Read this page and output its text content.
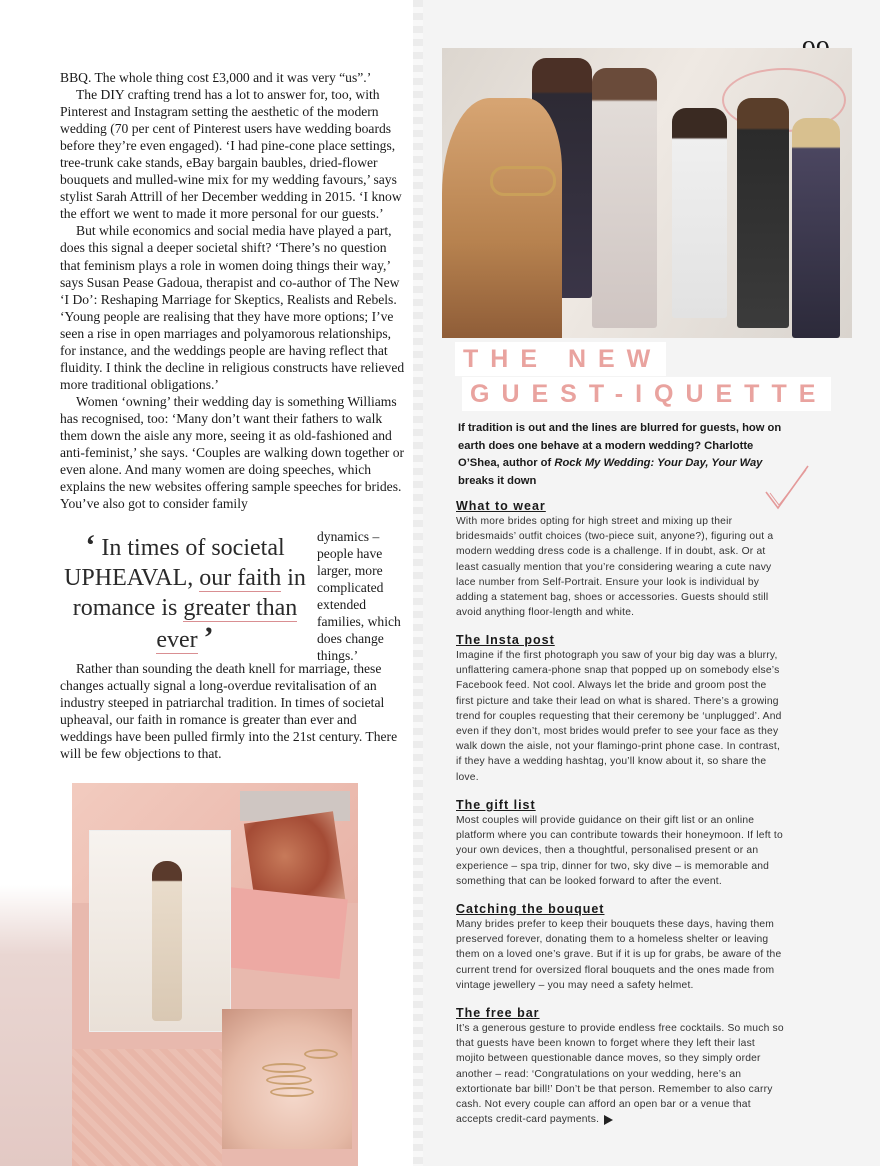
BBQ. The whole thing cost £3,000 and it was very “us”.’

The DIY crafting trend has a lot to answer for, too, with Pinterest and Instagram setting the aesthetic of the modern wedding (70 per cent of Pinterest users have wedding boards before they’re even engaged). ‘I had pine-cone place settings, tree-trunk cake stands, eBay bargain baubles, dried-flower bouquets and mulled-wine mix for my wedding favours,’ says stylist Sarah Attrill of her December wedding in 2015. ‘I know the effort we went to made it more personal for our guests.’

But while economics and social media have played a part, does this signal a deeper societal shift? ‘There’s no question that feminism plays a role in women doing things their way,’ says Susan Pease Gadoua, therapist and co-author of The New ‘I Do’: Reshaping Marriage for Skeptics, Realists and Rebels. ‘Young people are realising that they have more options; I’ve seen a rise in open marriages and polyamorous relationships, for instance, and the weddings people are having reflect that fluidity. I think the decline in religious constructs have relieved more traditional obligations.’

Women ‘owning’ their wedding day is something Williams has recognised, too: ‘Many don’t want their fathers to walk them down the aisle any more, seeing it as old-fashioned and anti-feminist,’ she says. ‘Couples are walking down together or even alone. And many women are doing speeches, which explains the new websites offering sample speeches for brides. You’ve also got to consider family

‘ In times of societal UPHEAVAL, our faith in romance is greater than ever ’
dynamics – people have larger, more complicated extended families, which does change things.’

Rather than sounding the death knell for marriage, these changes actually signal a long-overdue revitalisation of an industry steeped in patriarchal tradition. In times of societal upheaval, our faith in romance is greater than ever and weddings have been pulled firmly into the 21st century. There will be few objections to that.

THE NEW
GUEST-IQUETTE
If tradition is out and the lines are blurred for guests, how on earth does one behave at a modern wedding? Charlotte O’Shea, author of Rock My Wedding: Your Day, Your Way breaks it down
What to wear

With more brides opting for high street and mixing up their bridesmaids’ outfit choices (two-piece suit, anyone?), figuring out a modern wedding dress code is a challenge. If in doubt, ask. Or at least casually mention that you’re considering wearing a cute navy lace number from Self-Portrait. Ensure your look is individual by adding a statement bag, shoes or accessories. Guests should still avoid anything floor-length and white.

The Insta post

Imagine if the first photograph you saw of your big day was a blurry, unflattering camera-phone snap that popped up on somebody else’s Facebook feed. Not cool. Always let the bride and groom post the first picture and take their lead on what is shared. There’s a growing trend for couples requesting that their ceremony be ‘unplugged’. And even if they don’t, most brides would prefer to see your face as they walk down the aisle, not your flamingo-print phone case. In contrast, if they have a wedding hashtag, you’ll know about it, so share the love.

The gift list

Most couples will provide guidance on their gift list or an online platform where you can contribute towards their honeymoon. If left to your own devices, then a thoughtful, personalised present or an experience – spa trip, dinner for two, sky dive – is memorable and something that can be looked forward to after the event.

Catching the bouquet

Many brides prefer to keep their bouquets these days, having them preserved forever, donating them to a homeless shelter or leaving them on a loved one’s grave. But if it is up for grabs, be aware of the current trend for oversized floral bouquets and the ones made from vintage jewellery – you may need a safety helmet.

The free bar

It’s a generous gesture to provide endless free cocktails. So much so that guests have been known to forget where they left their last mojito between questionable dance moves, so they simply order another – read: ‘Congratulations on your wedding, here’s an extortionate bar bill!’ Don’t be that person. Remember to also carry cash. Not every couple can afford an open bar or a venue that accepts credit-card payments.
